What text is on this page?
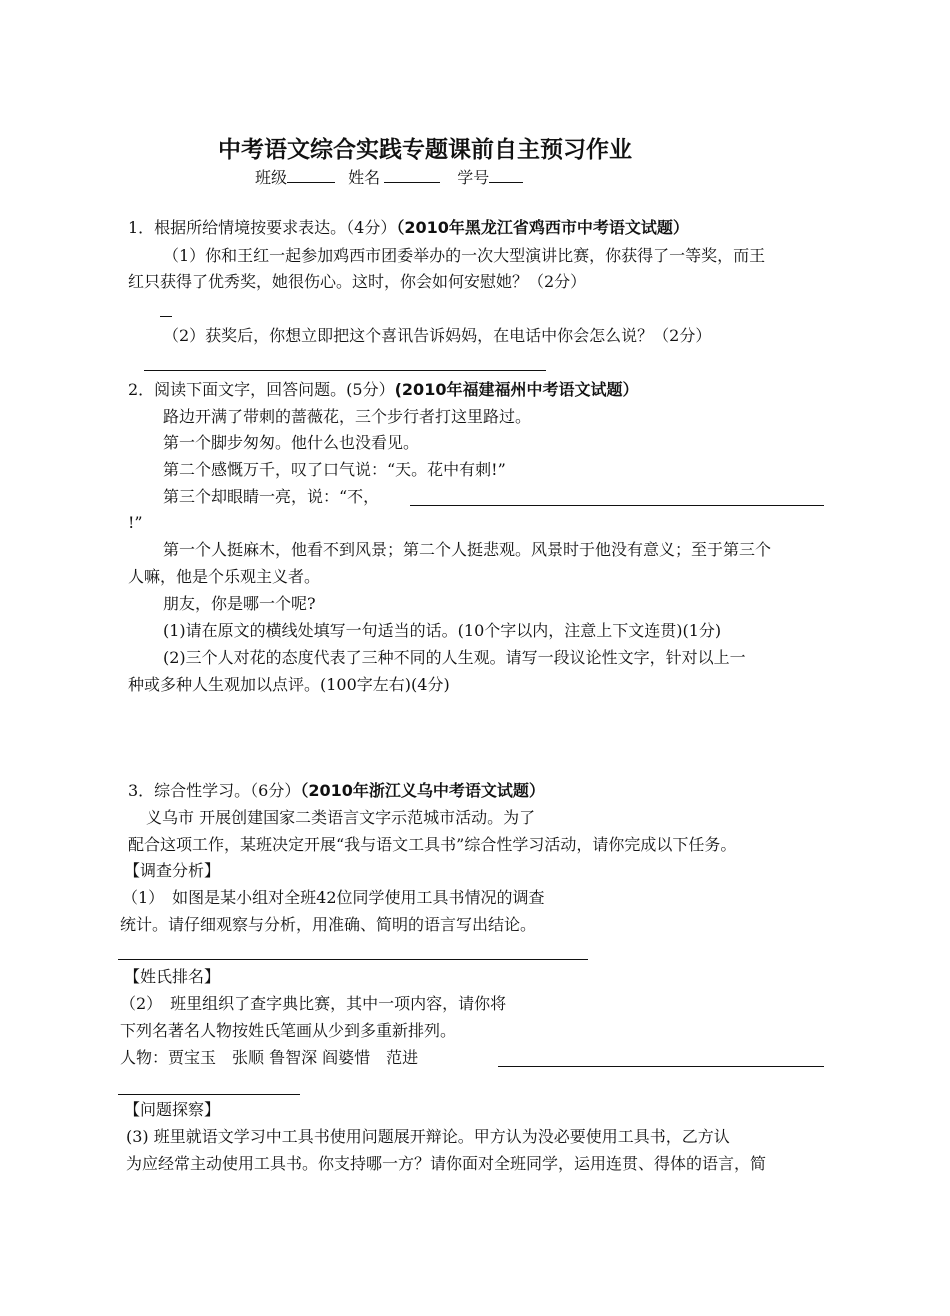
中考语文综合实践专题课前自主预习作业
班级	姓名	学号
1．根据所给情境按要求表达。（4分）（2010年黑龙江省鸡西市中考语文试题）
（1）你和王红一起参加鸡西市团委举办的一次大型演讲比赛，你获得了一等奖，而王
红只获得了优秀奖，她很伤心。这时，你会如何安慰她？（2分）
（2）获奖后，你想立即把这个喜讯告诉妈妈，在电话中你会怎么说？（2分）
2．阅读下面文字，回答问题。(5分）(2010年福建福州中考语文试题）
路边开满了带刺的蔷薇花，三个步行者打这里路过。
第一个脚步匆匆。他什么也没看见。
第二个感慨万千，叹了口气说：“天。花中有刺!”
第三个却眼睛一亮，说：“不，
!”
第一个人挺麻木，他看不到风景；第二个人挺悲观。风景时于他没有意义；至于第三个
人嘛，他是个乐观主义者。
朋友，你是哪一个呢?
(1)请在原文的横线处填写一句适当的话。(10个字以内，注意上下文连贯)(1分)
(2)三个人对花的态度代表了三种不同的人生观。请写一段议论性文字，针对以上一
种或多种人生观加以点评。(100字左右)(4分)
3．综合性学习。（6分）（2010年浙江义乌中考语文试题）
义乌市 开展创建国家二类语言文字示范城市活动。为了
配合这项工作，某班决定开展“我与语文工具书”综合性学习活动，请你完成以下任务。
【调查分析】
（1）　如图是某小组对全班42位同学使用工具书情况的调查
统计。请仔细观察与分析，用准确、简明的语言写出结论。
【姓氏排名】
（2）　班里组织了查字典比赛，其中一项内容，请你将
下列名著名人物按姓氏笔画从少到多重新排列。
人物：贾宝玉　张顺 鲁智深 阎婆惜　范进
【问题探察】
(3) 班里就语文学习中工具书使用问题展开辩论。甲方认为没必要使用工具书，乙方认
为应经常主动使用工具书。你支持哪一方？请你面对全班同学，运用连贯、得体的语言，简
